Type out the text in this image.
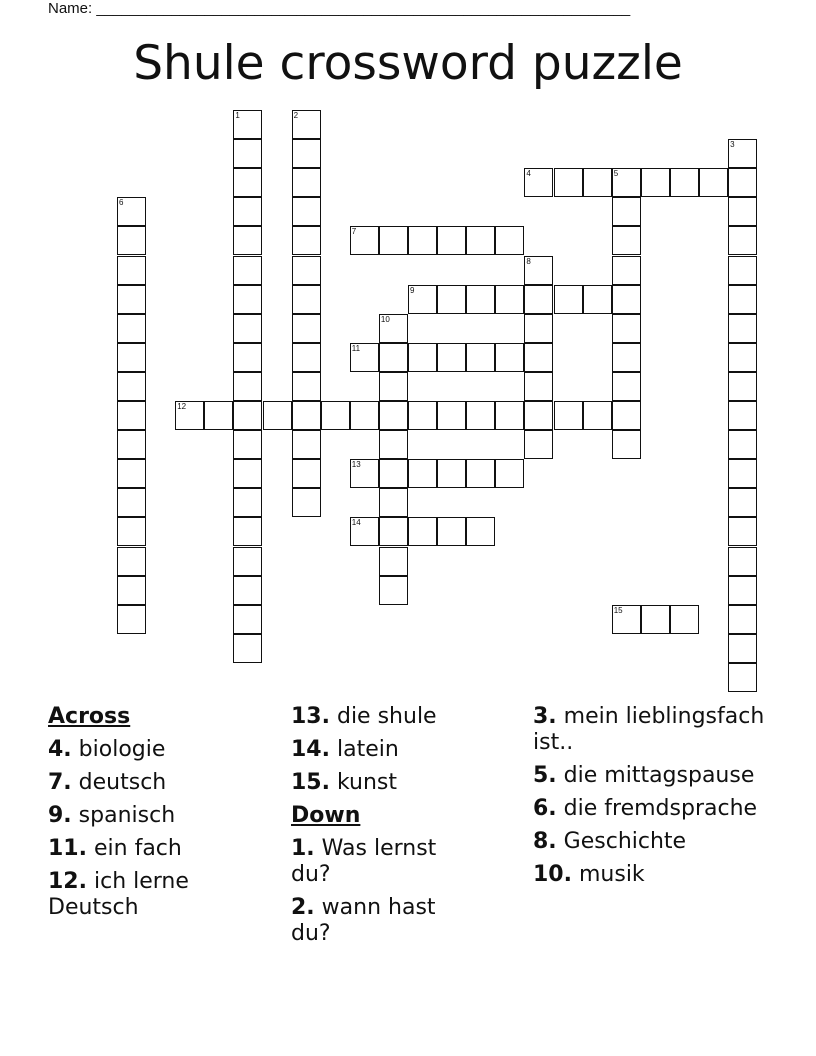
Name: ________________________________________________________________
Shule crossword puzzle
1	2
3
4	5
6
7
8
9
10
11
12
13
14
15
Across
4. biologie
7. deutsch
9. spanisch
11. ein fach
12. ich lerne Deutsch
13. die shule
14. latein
15. kunst
Down
1. Was lernst du?
2. wann hast du?
3. mein lieblingsfach ist..
5. die mittagspause
6. die fremdsprache
8. Geschichte
10. musik
